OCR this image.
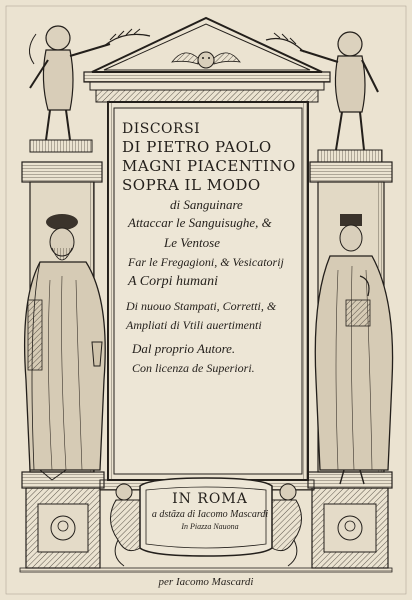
DISCORSI
DI PIETRO PAOLO
MAGNI PIACENTINO
SOPRA IL MODO
di Sanguinare
Attaccar le Sanguisughe, &
Le Ventose
Far le Fregagioni, & Vesicatorij
A Corpi humani
Di nuouo Stampati, Corretti, &
Ampliati di Vtili auertimenti
Dal proprio Autore.
Con licenza de Superiori.
IN ROMA
a dstãza di Iacomo Mascardi
In Piazza Nauona
per Iacomo Mascardi
